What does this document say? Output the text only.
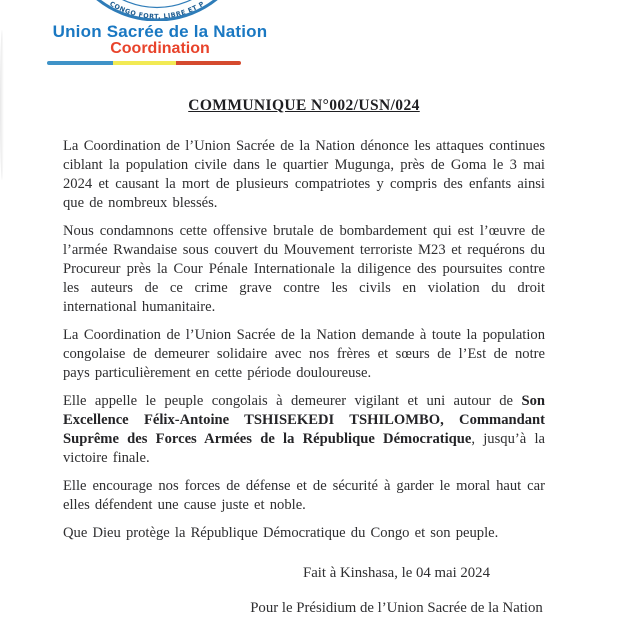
CONGO FORT, LIBRE ET P
Union Sacrée de la Nation
Coordination
COMMUNIQUE N°002/USN/024

La Coordination de l’Union Sacrée de la Nation dénonce les attaques continues ciblant la population civile dans le quartier Mugunga, près de Goma le 3 mai 2024 et causant la mort de plusieurs compatriotes y compris des enfants ainsi que de nombreux blessés.

Nous condamnons cette offensive brutale de bombardement qui est l’œuvre de l’armée Rwandaise sous couvert du Mouvement terroriste M23 et requérons du Procureur près la Cour Pénale Internationale la diligence des poursuites contre les auteurs de ce crime grave contre les civils en violation du droit international humanitaire.

La Coordination de l’Union Sacrée de la Nation demande à toute la population congolaise de demeurer solidaire avec nos frères et sœurs de l’Est de notre pays particulièrement en cette période douloureuse.

Elle appelle le peuple congolais à demeurer vigilant et uni autour de Son Excellence Félix-Antoine TSHISEKEDI TSHILOMBO, Commandant Suprême des Forces Armées de la République Démocratique, jusqu’à la victoire finale.

Elle encourage nos forces de défense et de sécurité à garder le moral haut car elles défendent une cause juste et noble.

Que Dieu protège la République Démocratique du Congo et son peuple.

Fait à Kinshasa, le 04 mai 2024

Pour le Présidium de l’Union Sacrée de la Nation
